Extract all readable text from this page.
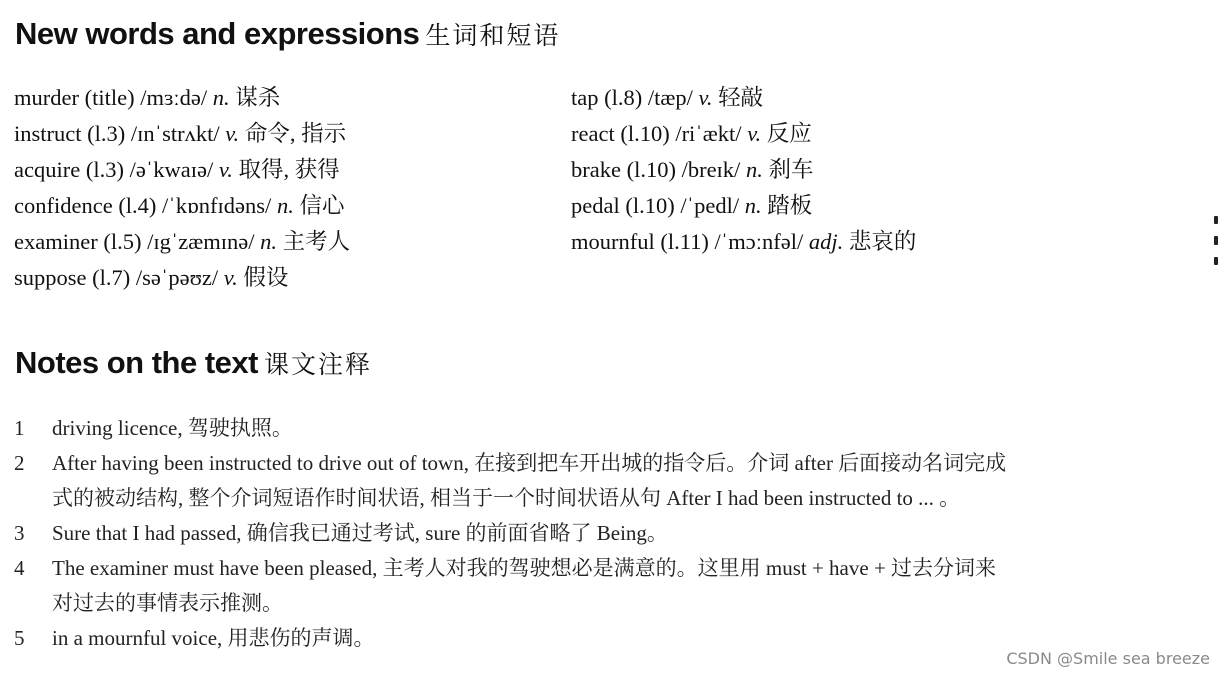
New words and expressions 生词和短语
murder (title) /mɜːdə/ n. 谋杀
instruct (l.3) /ɪnˈstrʌkt/ v. 命令, 指示
acquire (l.3) /əˈkwaɪə/ v. 取得, 获得
confidence (l.4) /ˈkɒnfɪdəns/ n. 信心
examiner (l.5) /ɪgˈzæmɪnə/ n. 主考人
suppose (l.7) /səˈpəʊz/ v. 假设
tap (l.8) /tæp/ v. 轻敲
react (l.10) /riˈækt/ v. 反应
brake (l.10) /breɪk/ n. 刹车
pedal (l.10) /ˈpedl/ n. 踏板
mournful (l.11) /ˈmɔːnfəl/ adj. 悲哀的
Notes on the text 课文注释
1 driving licence, 驾驶执照。
2 After having been instructed to drive out of town, 在接到把车开出城的指令后。介词 after 后面接动名词完成
式的被动结构, 整个介词短语作时间状语, 相当于一个时间状语从句 After I had been instructed to ... 。
3 Sure that I had passed, 确信我已通过考试, sure 的前面省略了 Being。
4 The examiner must have been pleased, 主考人对我的驾驶想必是满意的。这里用 must + have + 过去分词来
对过去的事情表示推测。
5 in a mournful voice, 用悲伤的声调。
CSDN @Smile sea breeze
